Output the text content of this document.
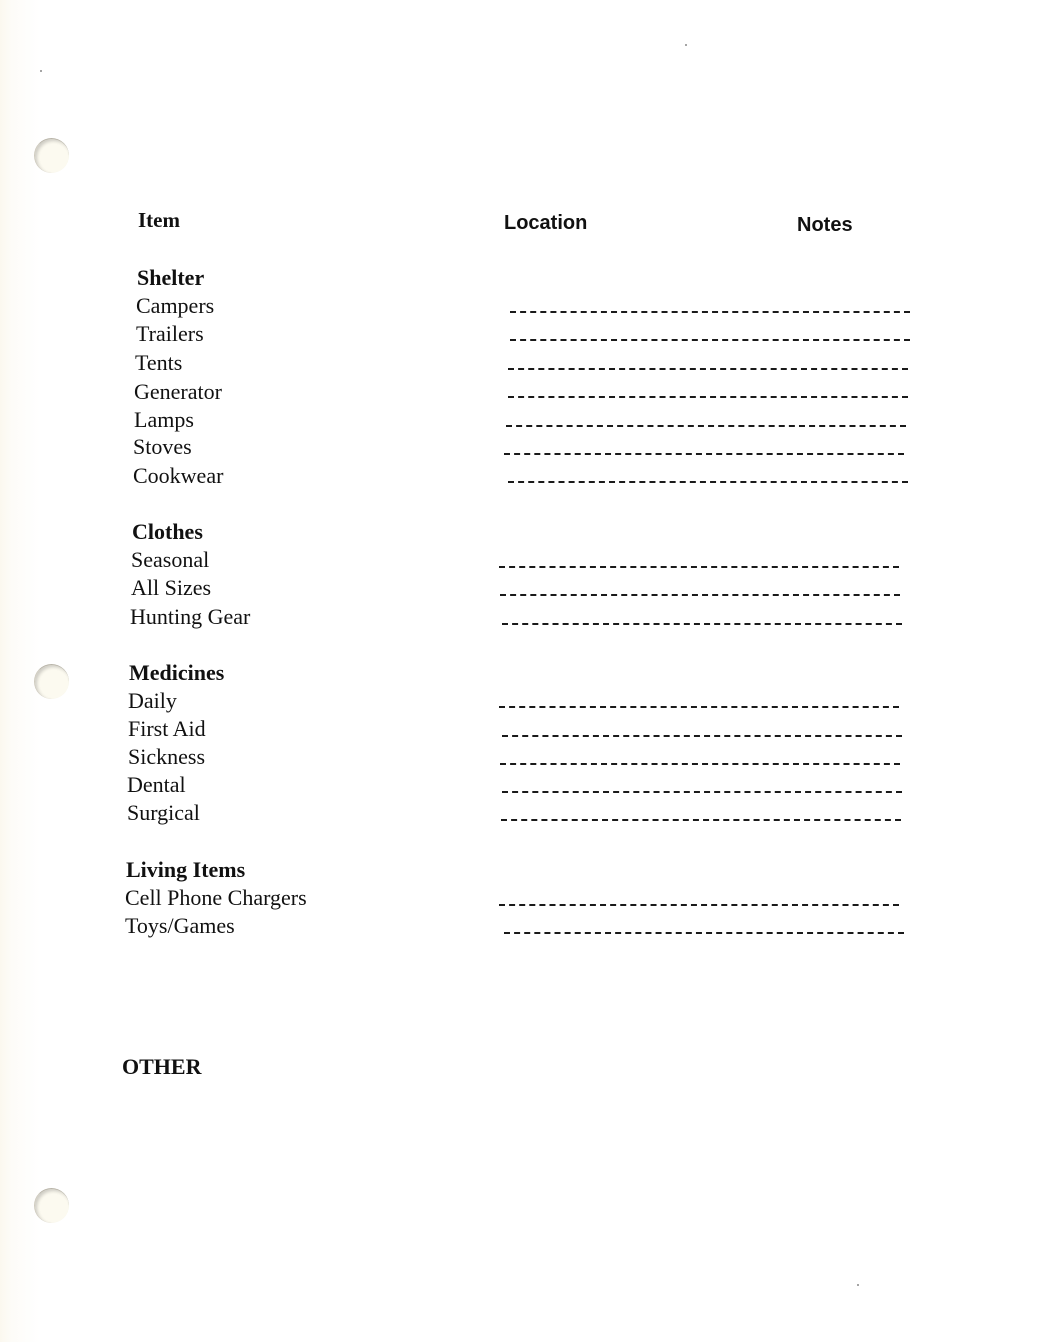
Item	Location	Notes
Shelter
Campers
Trailers
Tents
Generator
Lamps
Stoves
Cookwear
Clothes
Seasonal
All Sizes
Hunting Gear
Medicines
Daily
First Aid
Sickness
Dental
Surgical
Living Items
Cell Phone Chargers
Toys/Games
OTHER
